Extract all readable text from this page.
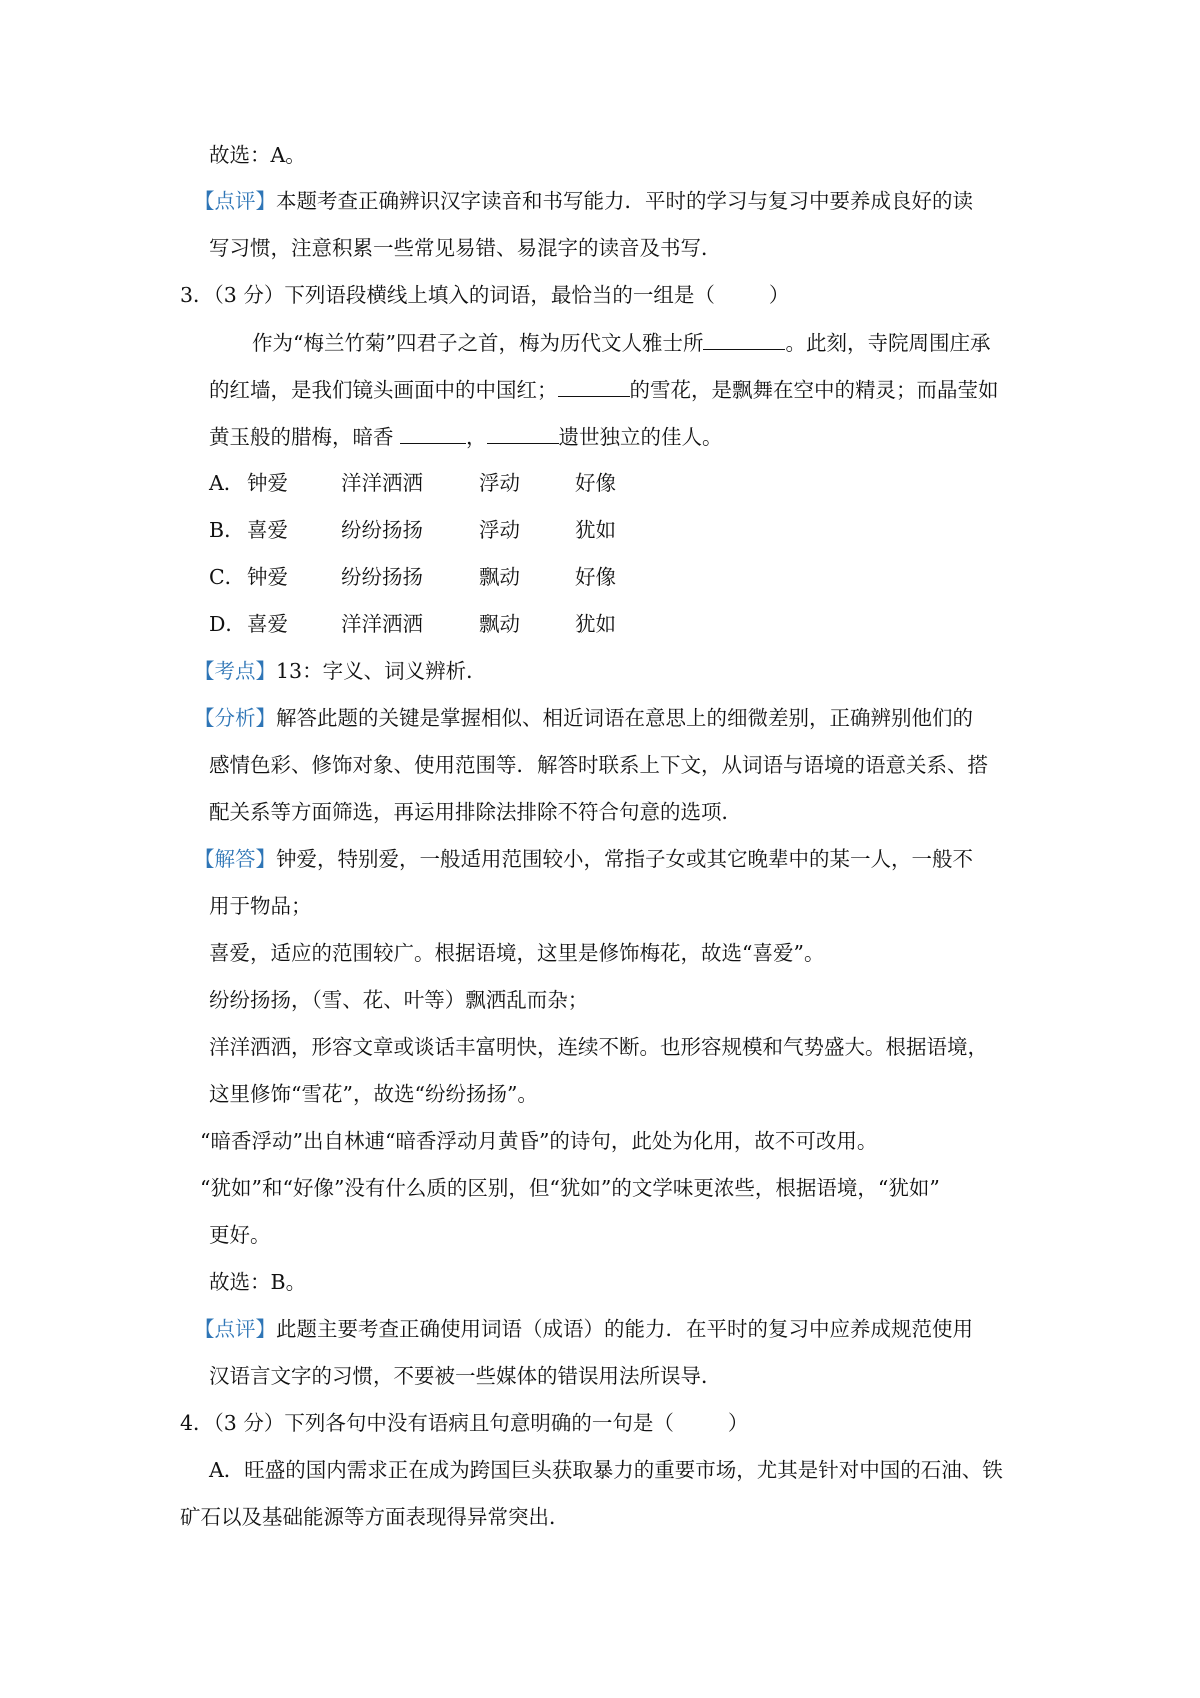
故选：A。
【点评】本题考查正确辨识汉字读音和书写能力．平时的学习与复习中要养成良好的读
写习惯，注意积累一些常见易错、易混字的读音及书写．
3．（3 分）下列语段横线上填入的词语，最恰当的一组是（	）
作为“梅兰竹菊”四君子之首，梅为历代文人雅士所	。此刻，寺院周围庄承
的红墙，是我们镜头画面中的中国红；	的雪花，是飘舞在空中的精灵；而晶莹如
黄玉般的腊梅，暗香	，	遗世独立的佳人。
A． 钟爱	洋洋洒洒	浮动	好像
B． 喜爱	纷纷扬扬	浮动	犹如
C． 钟爱	纷纷扬扬	飘动	好像
D． 喜爱	洋洋洒洒	飘动	犹如
【考点】13：字义、词义辨析．
【分析】解答此题的关键是掌握相似、相近词语在意思上的细微差别，正确辨别他们的
感情色彩、修饰对象、使用范围等．解答时联系上下文，从词语与语境的语意关系、搭
配关系等方面筛选，再运用排除法排除不符合句意的选项．
【解答】钟爱，特别爱，一般适用范围较小，常指子女或其它晚辈中的某一人，一般不
用于物品；
喜爱，适应的范围较广。根据语境，这里是修饰梅花，故选“喜爱”。
纷纷扬扬，（雪、花、叶等）飘洒乱而杂；
洋洋洒洒，形容文章或谈话丰富明快，连续不断。也形容规模和气势盛大。根据语境，
这里修饰“雪花”，故选“纷纷扬扬”。
“暗香浮动”出自林逋“暗香浮动月黄昏”的诗句，此处为化用，故不可改用。
“犹如”和“好像”没有什么质的区别，但“犹如”的文学味更浓些，根据语境，“犹如”
更好。
故选：B。
【点评】此题主要考查正确使用词语（成语）的能力．在平时的复习中应养成规范使用
汉语言文字的习惯，不要被一些媒体的错误用法所误导．
4．（3 分）下列各句中没有语病且句意明确的一句是（	）
A．旺盛的国内需求正在成为跨国巨头获取暴力的重要市场，尤其是针对中国的石油、铁
矿石以及基础能源等方面表现得异常突出．
